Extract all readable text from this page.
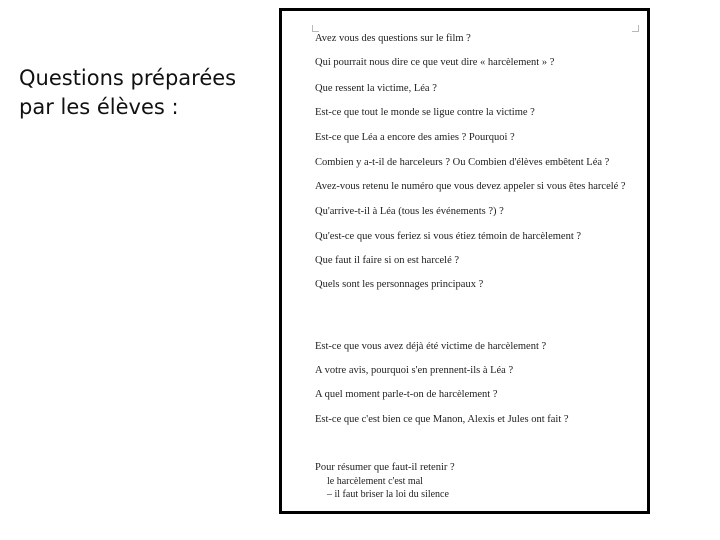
Questions préparées par les élèves :
Avez vous des questions sur le film ?
Qui pourrait nous dire ce que veut dire « harcèlement » ?
Que ressent la victime, Léa ?
Est-ce que tout le monde se ligue contre la victime ?
Est-ce que Léa a encore des amies ? Pourquoi ?
Combien y a-t-il de harceleurs ? Ou Combien d'élèves embêtent Léa ?
Avez-vous retenu le numéro que vous devez appeler si vous êtes harcelé ?
Qu'arrive-t-il à Léa (tous les événements ?) ?
Qu'est-ce que vous feriez si vous étiez témoin de harcèlement ?
Que faut il faire si on est harcelé ?
Quels sont les personnages principaux ?
Est-ce que vous avez déjà été victime de harcèlement ?
A votre avis, pourquoi s'en prennent-ils à Léa ?
A quel moment parle-t-on de harcèlement ?
Est-ce que c'est bien ce que Manon, Alexis et Jules ont fait ?
Pour résumer que faut-il retenir ?
le harcèlement c'est mal
– il faut briser la loi du silence
